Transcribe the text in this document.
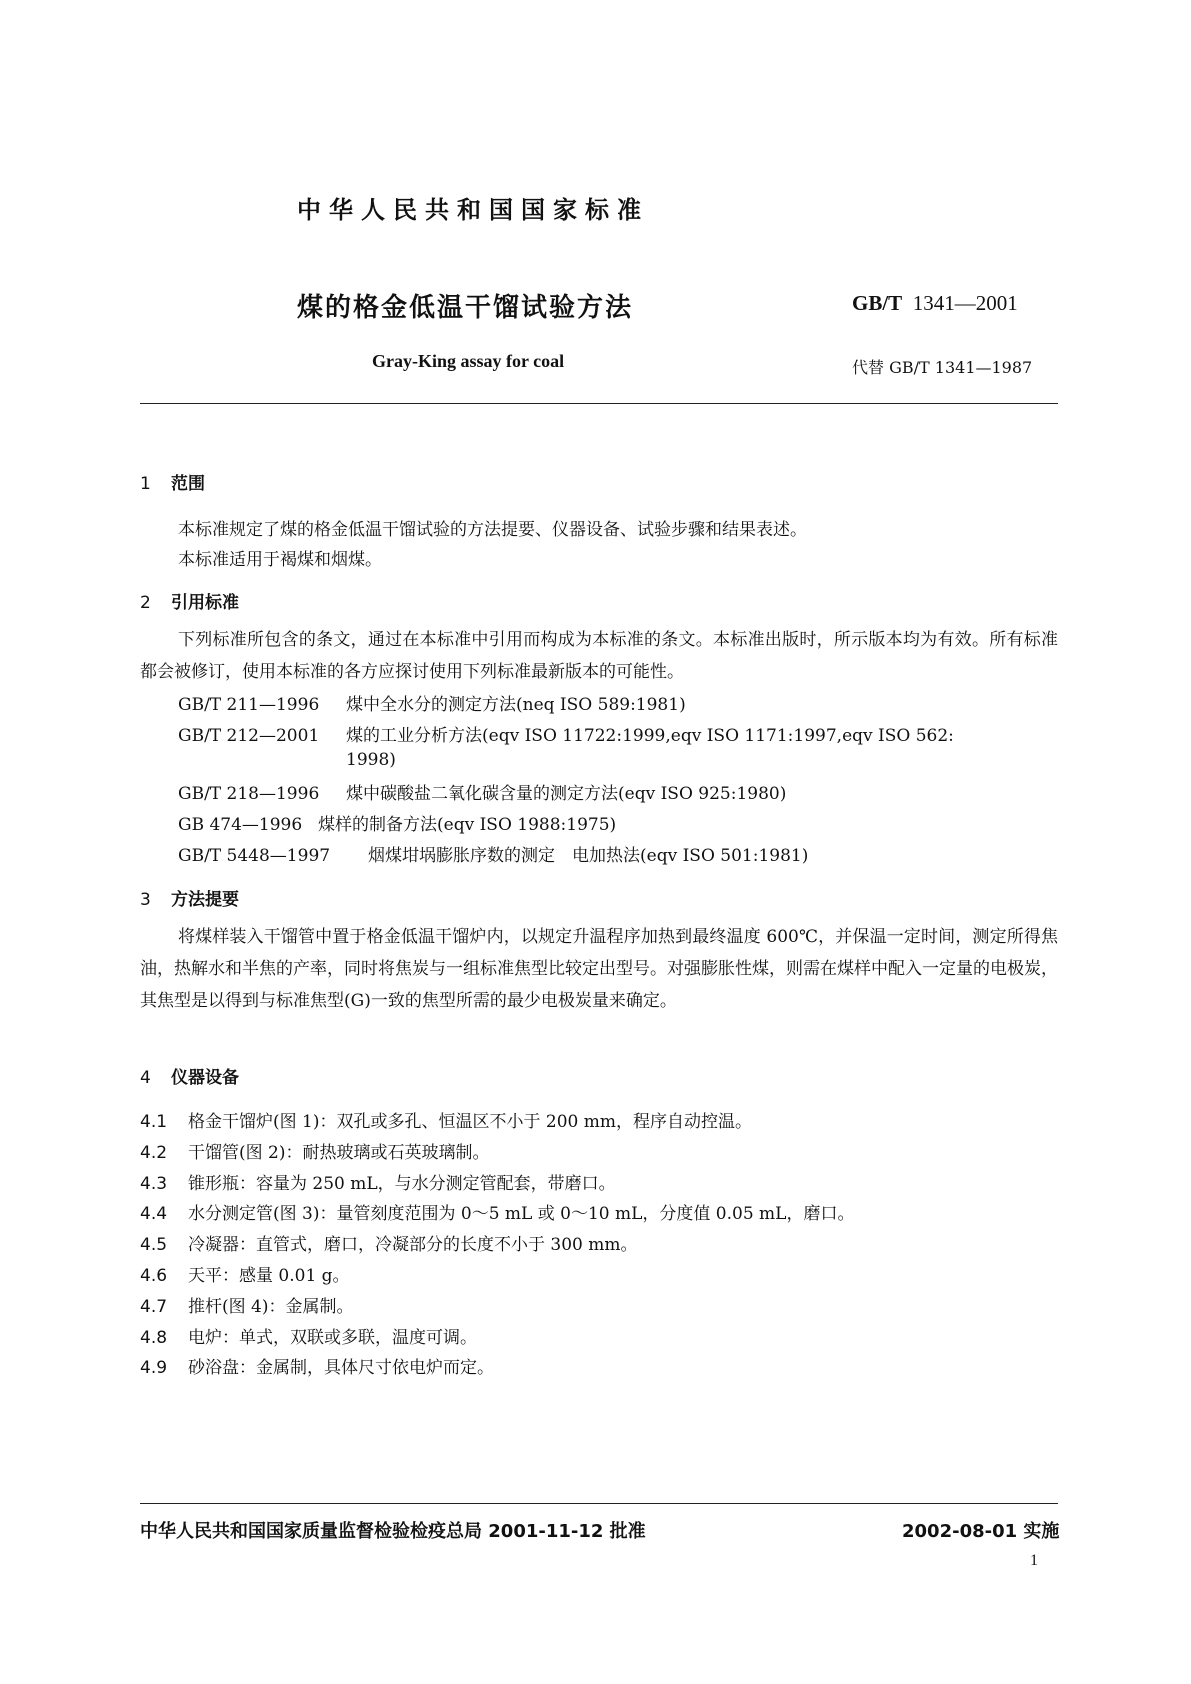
中华人民共和国国家标准
煤的格金低温干馏试验方法	GB/T 1341—2001
Gray-King assay for coal	代替 GB/T 1341—1987
1 范围
本标准规定了煤的格金低温干馏试验的方法提要、仪器设备、试验步骤和结果表述。
本标准适用于褐煤和烟煤。
2 引用标准
下列标准所包含的条文，通过在本标准中引用而构成为本标准的条文。本标准出版时，所示版本均为有效。所有标准都会被修订，使用本标准的各方应探讨使用下列标准最新版本的可能性。
GB/T 211—1996 煤中全水分的测定方法(neq ISO 589:1981)
GB/T 212—2001 煤的工业分析方法(eqv ISO 11722:1999,eqv ISO 1171:1997,eqv ISO 562:
1998)
GB/T 218—1996 煤中碳酸盐二氧化碳含量的测定方法(eqv ISO 925:1980)
GB 474—1996 煤样的制备方法(eqv ISO 1988:1975)
GB/T 5448—1997 烟煤坩埚膨胀序数的测定　电加热法(eqv ISO 501:1981)
3 方法提要
将煤样装入干馏管中置于格金低温干馏炉内，以规定升温程序加热到最终温度 600℃，并保温一定时间，测定所得焦油，热解水和半焦的产率，同时将焦炭与一组标准焦型比较定出型号。对强膨胀性煤，则需在煤样中配入一定量的电极炭，其焦型是以得到与标准焦型(G)一致的焦型所需的最少电极炭量来确定。
4 仪器设备
4.1 格金干馏炉(图 1)：双孔或多孔、恒温区不小于 200 mm，程序自动控温。
4.2 干馏管(图 2)：耐热玻璃或石英玻璃制。
4.3 锥形瓶：容量为 250 mL，与水分测定管配套，带磨口。
4.4 水分测定管(图 3)：量管刻度范围为 0～5 mL 或 0～10 mL，分度值 0.05 mL，磨口。
4.5 冷凝器：直管式，磨口，冷凝部分的长度不小于 300 mm。
4.6 天平：感量 0.01 g。
4.7 推杆(图 4)：金属制。
4.8 电炉：单式，双联或多联，温度可调。
4.9 砂浴盘：金属制，具体尺寸依电炉而定。
中华人民共和国国家质量监督检验检疫总局 2001-11-12 批准	2002-08-01 实施
1
